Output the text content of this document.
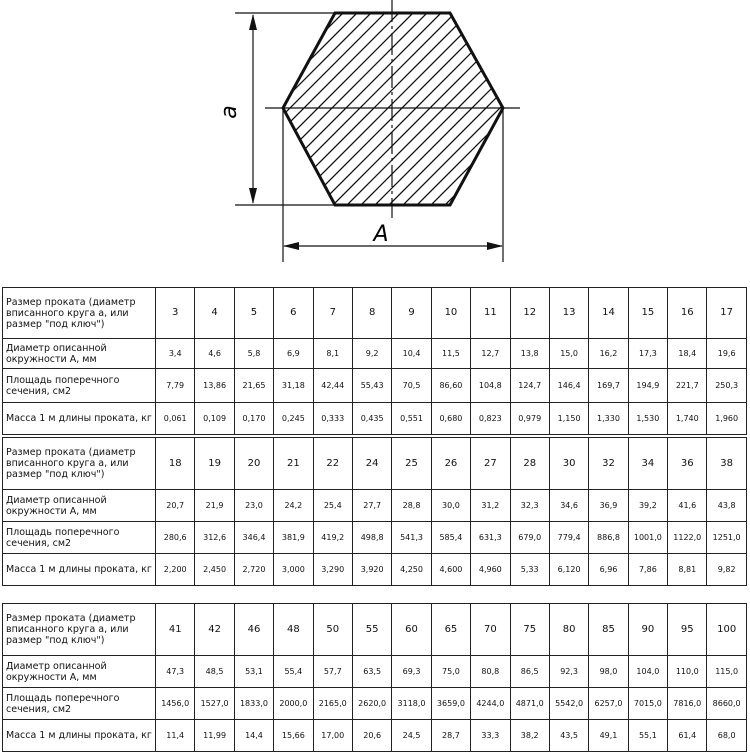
a
A
Размер проката (диаметр вписанного круга а, или размер "под ключ")	3	4	5	6	7	8	9	10	11	12	13	14	15	16	17
Диаметр описанной окружности А, мм	3,4	4,6	5,8	6,9	8,1	9,2	10,4	11,5	12,7	13,8	15,0	16,2	17,3	18,4	19,6
Площадь поперечного сечения, см2	7,79	13,86	21,65	31,18	42,44	55,43	70,5	86,60	104,8	124,7	146,4	169,7	194,9	221,7	250,3
Масса 1 м длины проката, кг	0,061	0,109	0,170	0,245	0,333	0,435	0,551	0,680	0,823	0,979	1,150	1,330	1,530	1,740	1,960
Размер проката (диаметр вписанного круга а, или размер "под ключ")	18	19	20	21	22	24	25	26	27	28	30	32	34	36	38
Диаметр описанной окружности А, мм	20,7	21,9	23,0	24,2	25,4	27,7	28,8	30,0	31,2	32,3	34,6	36,9	39,2	41,6	43,8
Площадь поперечного сечения, см2	280,6	312,6	346,4	381,9	419,2	498,8	541,3	585,4	631,3	679,0	779,4	886,8	1001,0	1122,0	1251,0
Масса 1 м длины проката, кг	2,200	2,450	2,720	3,000	3,290	3,920	4,250	4,600	4,960	5,33	6,120	6,96	7,86	8,81	9,82
Размер проката (диаметр вписанного круга а, или размер "под ключ")	41	42	46	48	50	55	60	65	70	75	80	85	90	95	100
Диаметр описанной окружности А, мм	47,3	48,5	53,1	55,4	57,7	63,5	69,3	75,0	80,8	86,5	92,3	98,0	104,0	110,0	115,0
Площадь поперечного сечения, см2	1456,0	1527,0	1833,0	2000,0	2165,0	2620,0	3118,0	3659,0	4244,0	4871,0	5542,0	6257,0	7015,0	7816,0	8660,0
Масса 1 м длины проката, кг	11,4	11,99	14,4	15,66	17,00	20,6	24,5	28,7	33,3	38,2	43,5	49,1	55,1	61,4	68,0
